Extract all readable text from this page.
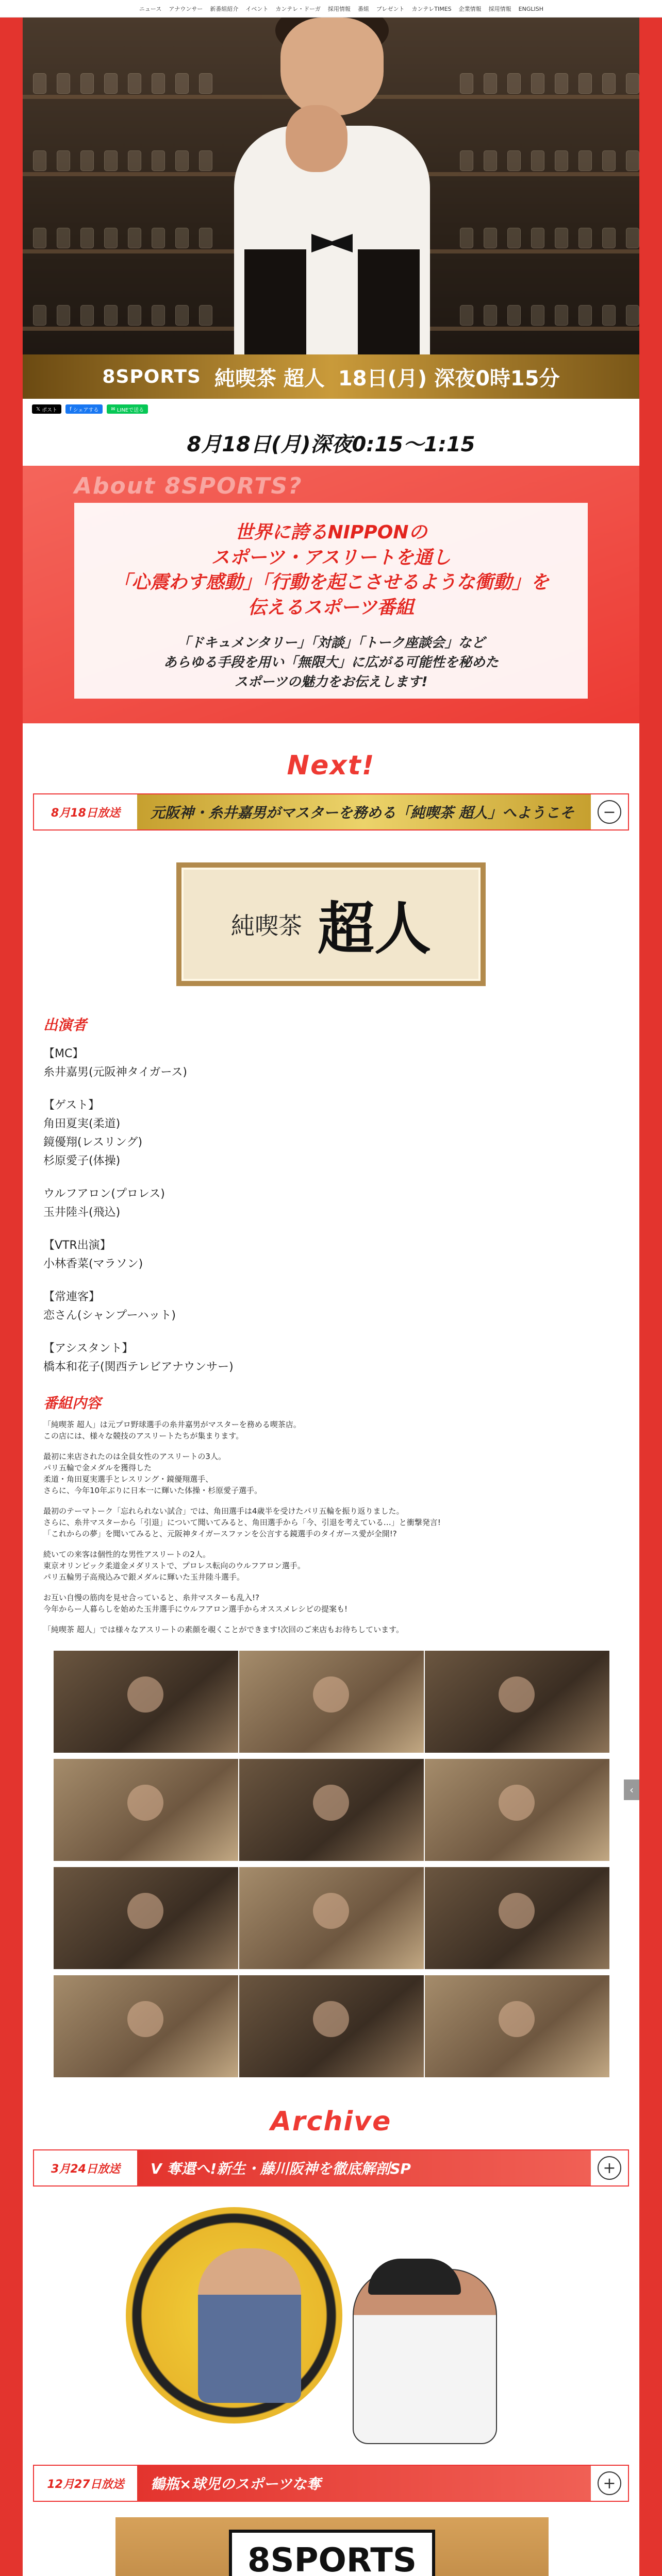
ニュース アナウンサー 新番組紹介 イベント カンテレ・ドーガ 採用情報 番組 プレゼント カンテレTIMES 企業情報 採用情報 ENGLISH
8SPORTS 純喫茶 超人 18日(月) 深夜0時15分
𝕏 ポスト f シェアする ✉ LINEで送る
8月18日(月)深夜0:15〜1:15
About 8SPORTS?
世界に誇るNIPPONの
スポーツ・アスリートを通し
「心震わす感動」「行動を起こさせるような衝動」を
伝えるスポーツ番組
「ドキュメンタリー」「対談」「トーク座談会」など
あらゆる手段を用い「無限大」に広がる可能性を秘めた
スポーツの魅力をお伝えします!
Next!
8月18日放送	元阪神・糸井嘉男がマスターを務める「純喫茶 超人」へようこそ	−
純喫茶 超人
出演者
【MC】
糸井嘉男(元阪神タイガース)
【ゲスト】
角田夏実(柔道)
鏡優翔(レスリング)
杉原愛子(体操)
ウルフアロン(プロレス)
玉井陸斗(飛込)
【VTR出演】
小林香菜(マラソン)
【常連客】
恋さん(シャンプーハット)
【アシスタント】
橋本和花子(関西テレビアナウンサー)
番組内容
「純喫茶 超人」は元プロ野球選手の糸井嘉男がマスターを務める喫茶店。
この店には、様々な競技のアスリートたちが集まります。
最初に来店されたのは全員女性のアスリートの3人。
パリ五輪で金メダルを獲得した
柔道・角田夏実選手とレスリング・鏡優翔選手、
さらに、今年10年ぶりに日本一に輝いた体操・杉原愛子選手。
最初のテーマトーク「忘れられない試合」では、角田選手は4歳半を受けたパリ五輪を振り返りました。
さらに、糸井マスターから「引退」について聞いてみると、角田選手から「今、引退を考えている…」と衝撃発言!
「これからの夢」を聞いてみると、元阪神タイガースファンを公言する鏡選手のタイガース愛が全開!?
続いての来客は個性的な男性アスリートの2人。
東京オリンピック柔道金メダリストで、プロレス転向のウルフアロン選手。
パリ五輪男子高飛込みで銀メダルに輝いた玉井陸斗選手。
お互い自慢の筋肉を見せ合っていると、糸井マスターも乱入!?
今年からー人暮らしを始めた玉井選手にウルフアロン選手からオススメレシピの提案も!
「純喫茶 超人」では様々なアスリートの素顔を覗くことができます!次回のご来店もお待ちしています。
‹
Archive
3月24日放送	V 奪還へ!新生・藤川阪神を徹底解剖SP	+
12月27日放送	鶴瓶×球児のスポーツな奪	+
8SPORTS
